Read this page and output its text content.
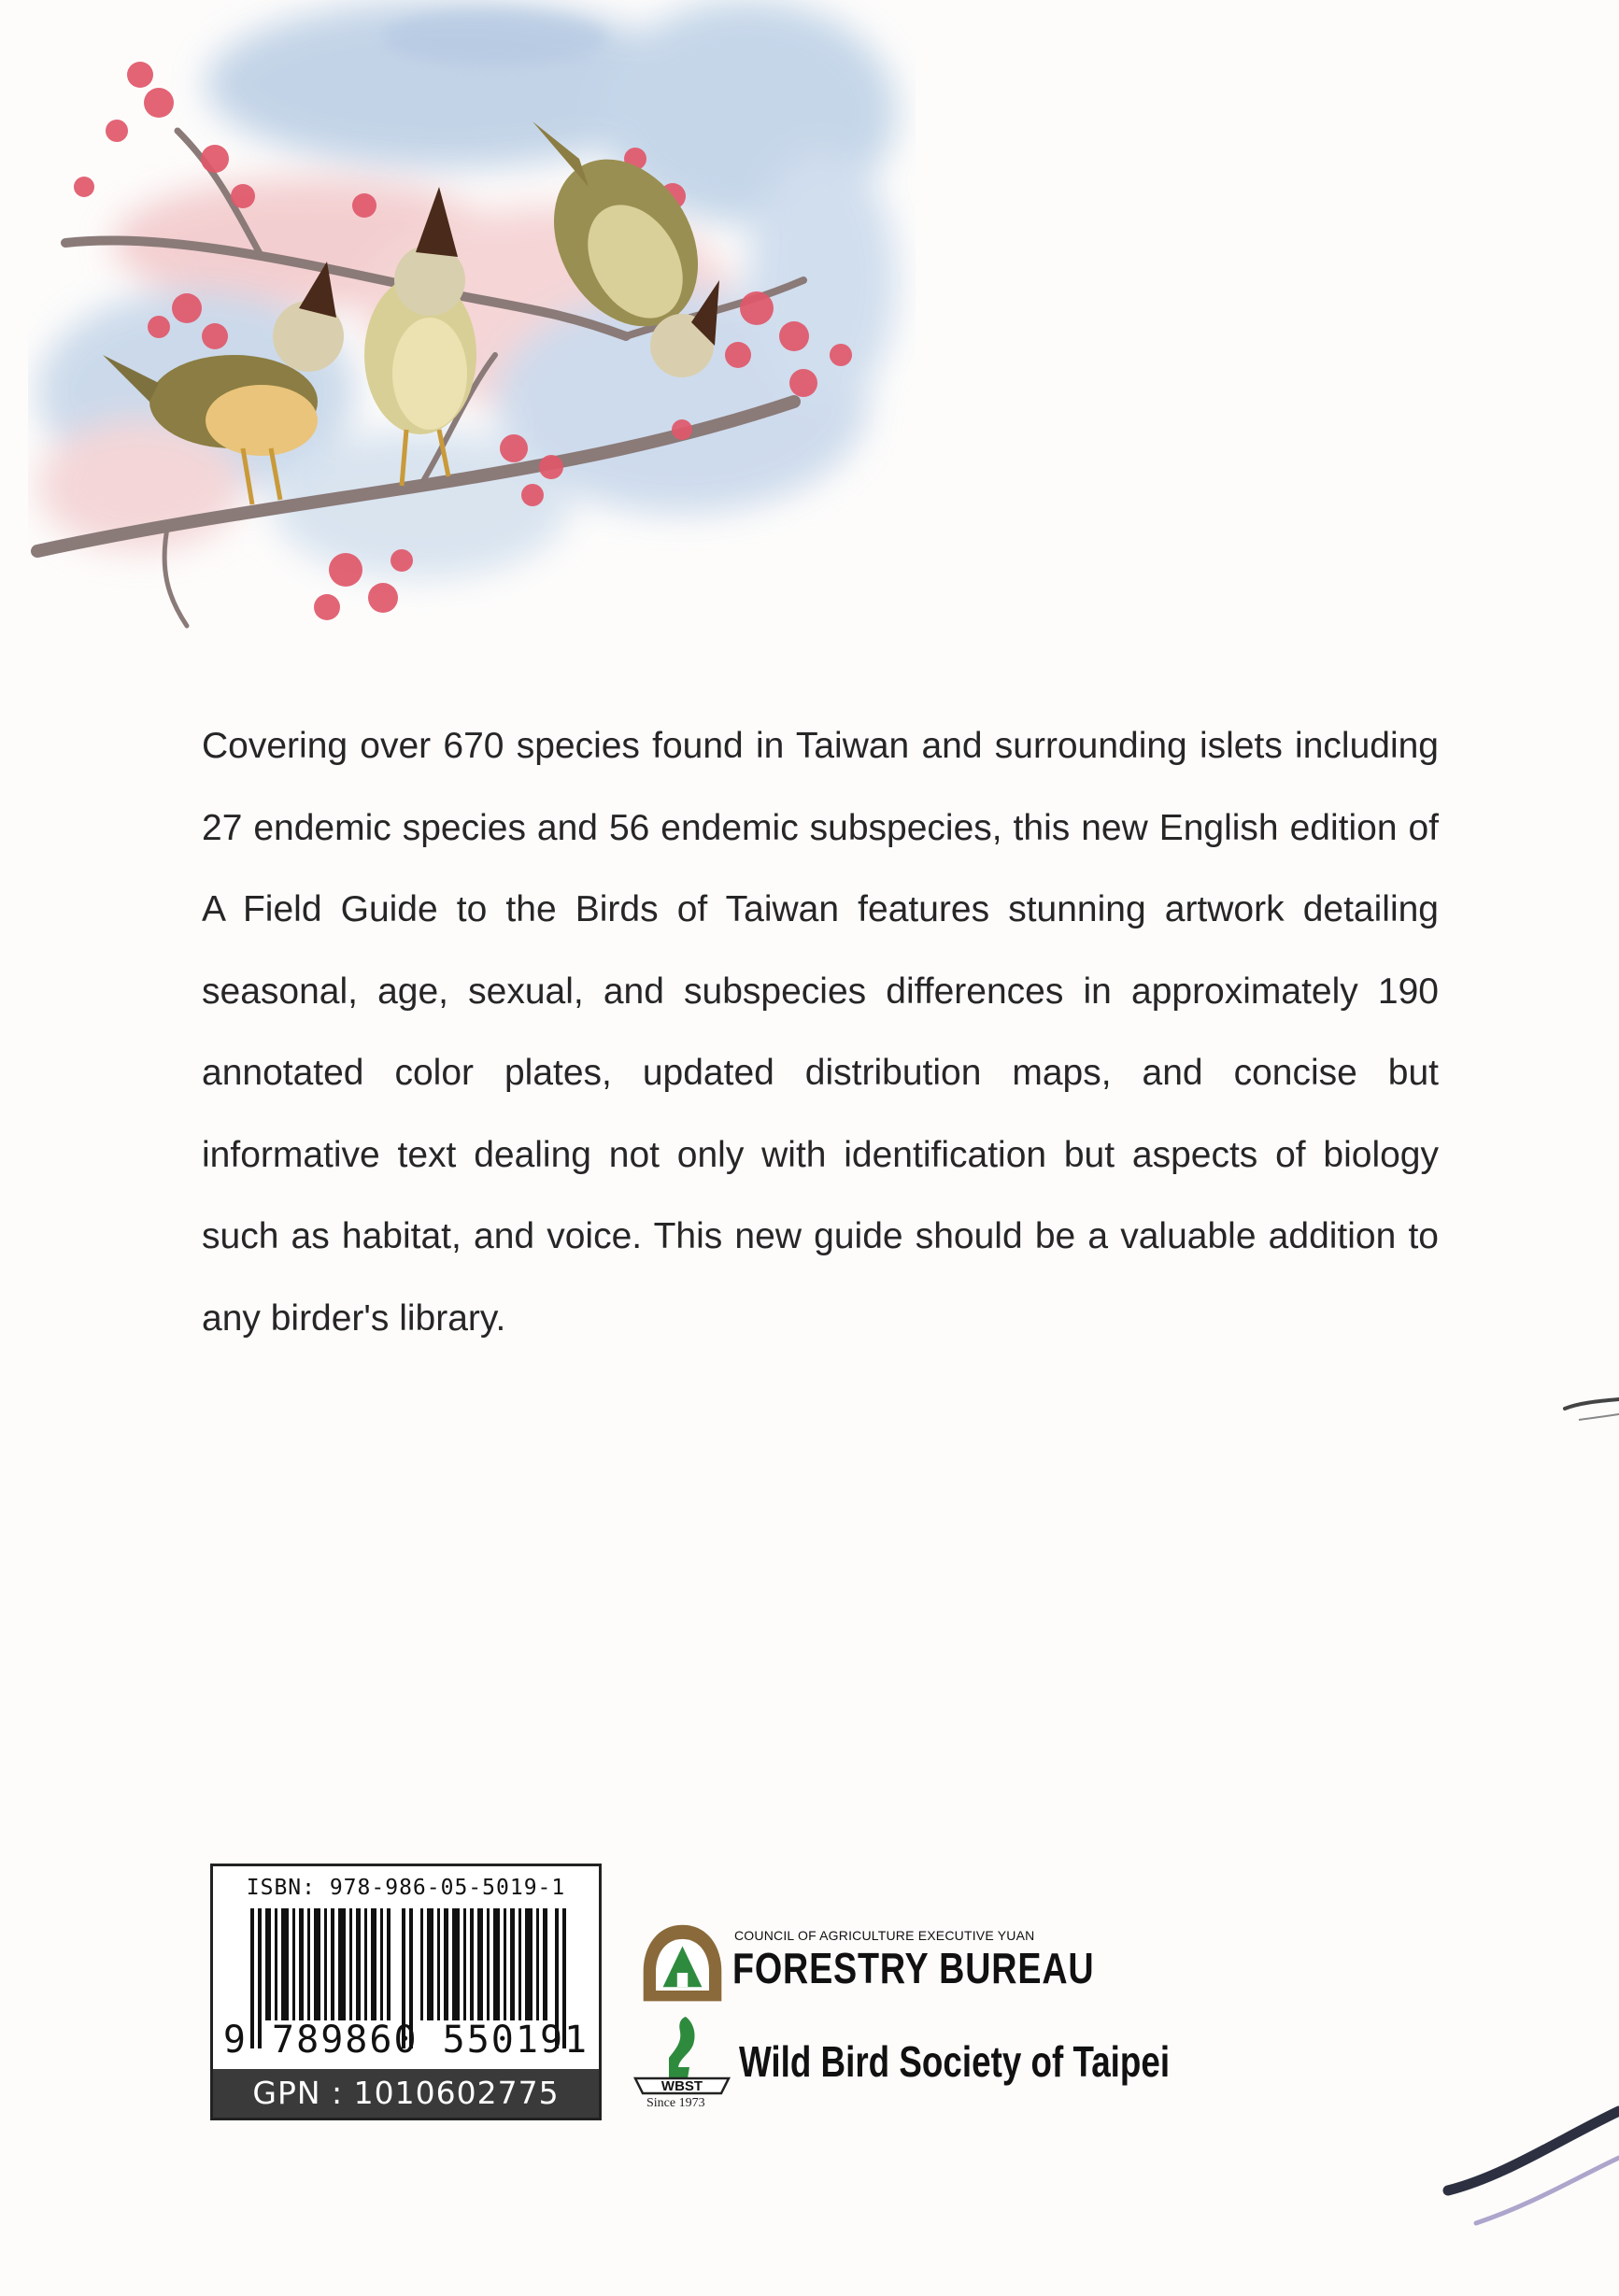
Covering over 670 species found in Taiwan and surrounding islets including 27 endemic species and 56 endemic subspecies, this new English edition of A Field Guide to the Birds of Taiwan features stunning artwork detailing seasonal, age, sexual, and subspecies differences in approximately 190 annotated color plates, updated distribution maps, and concise but informative text dealing not only with identification but aspects of biology such as habitat, and voice. This new guide should be a valuable addition to any birder's library.
ISBN: 978-986-05-5019-1
9 789860 550191
GPN : 1010602775
COUNCIL OF AGRICULTURE EXECUTIVE YUAN
FORESTRY BUREAU
WBST
Since 1973
Wild Bird Society of Taipei
